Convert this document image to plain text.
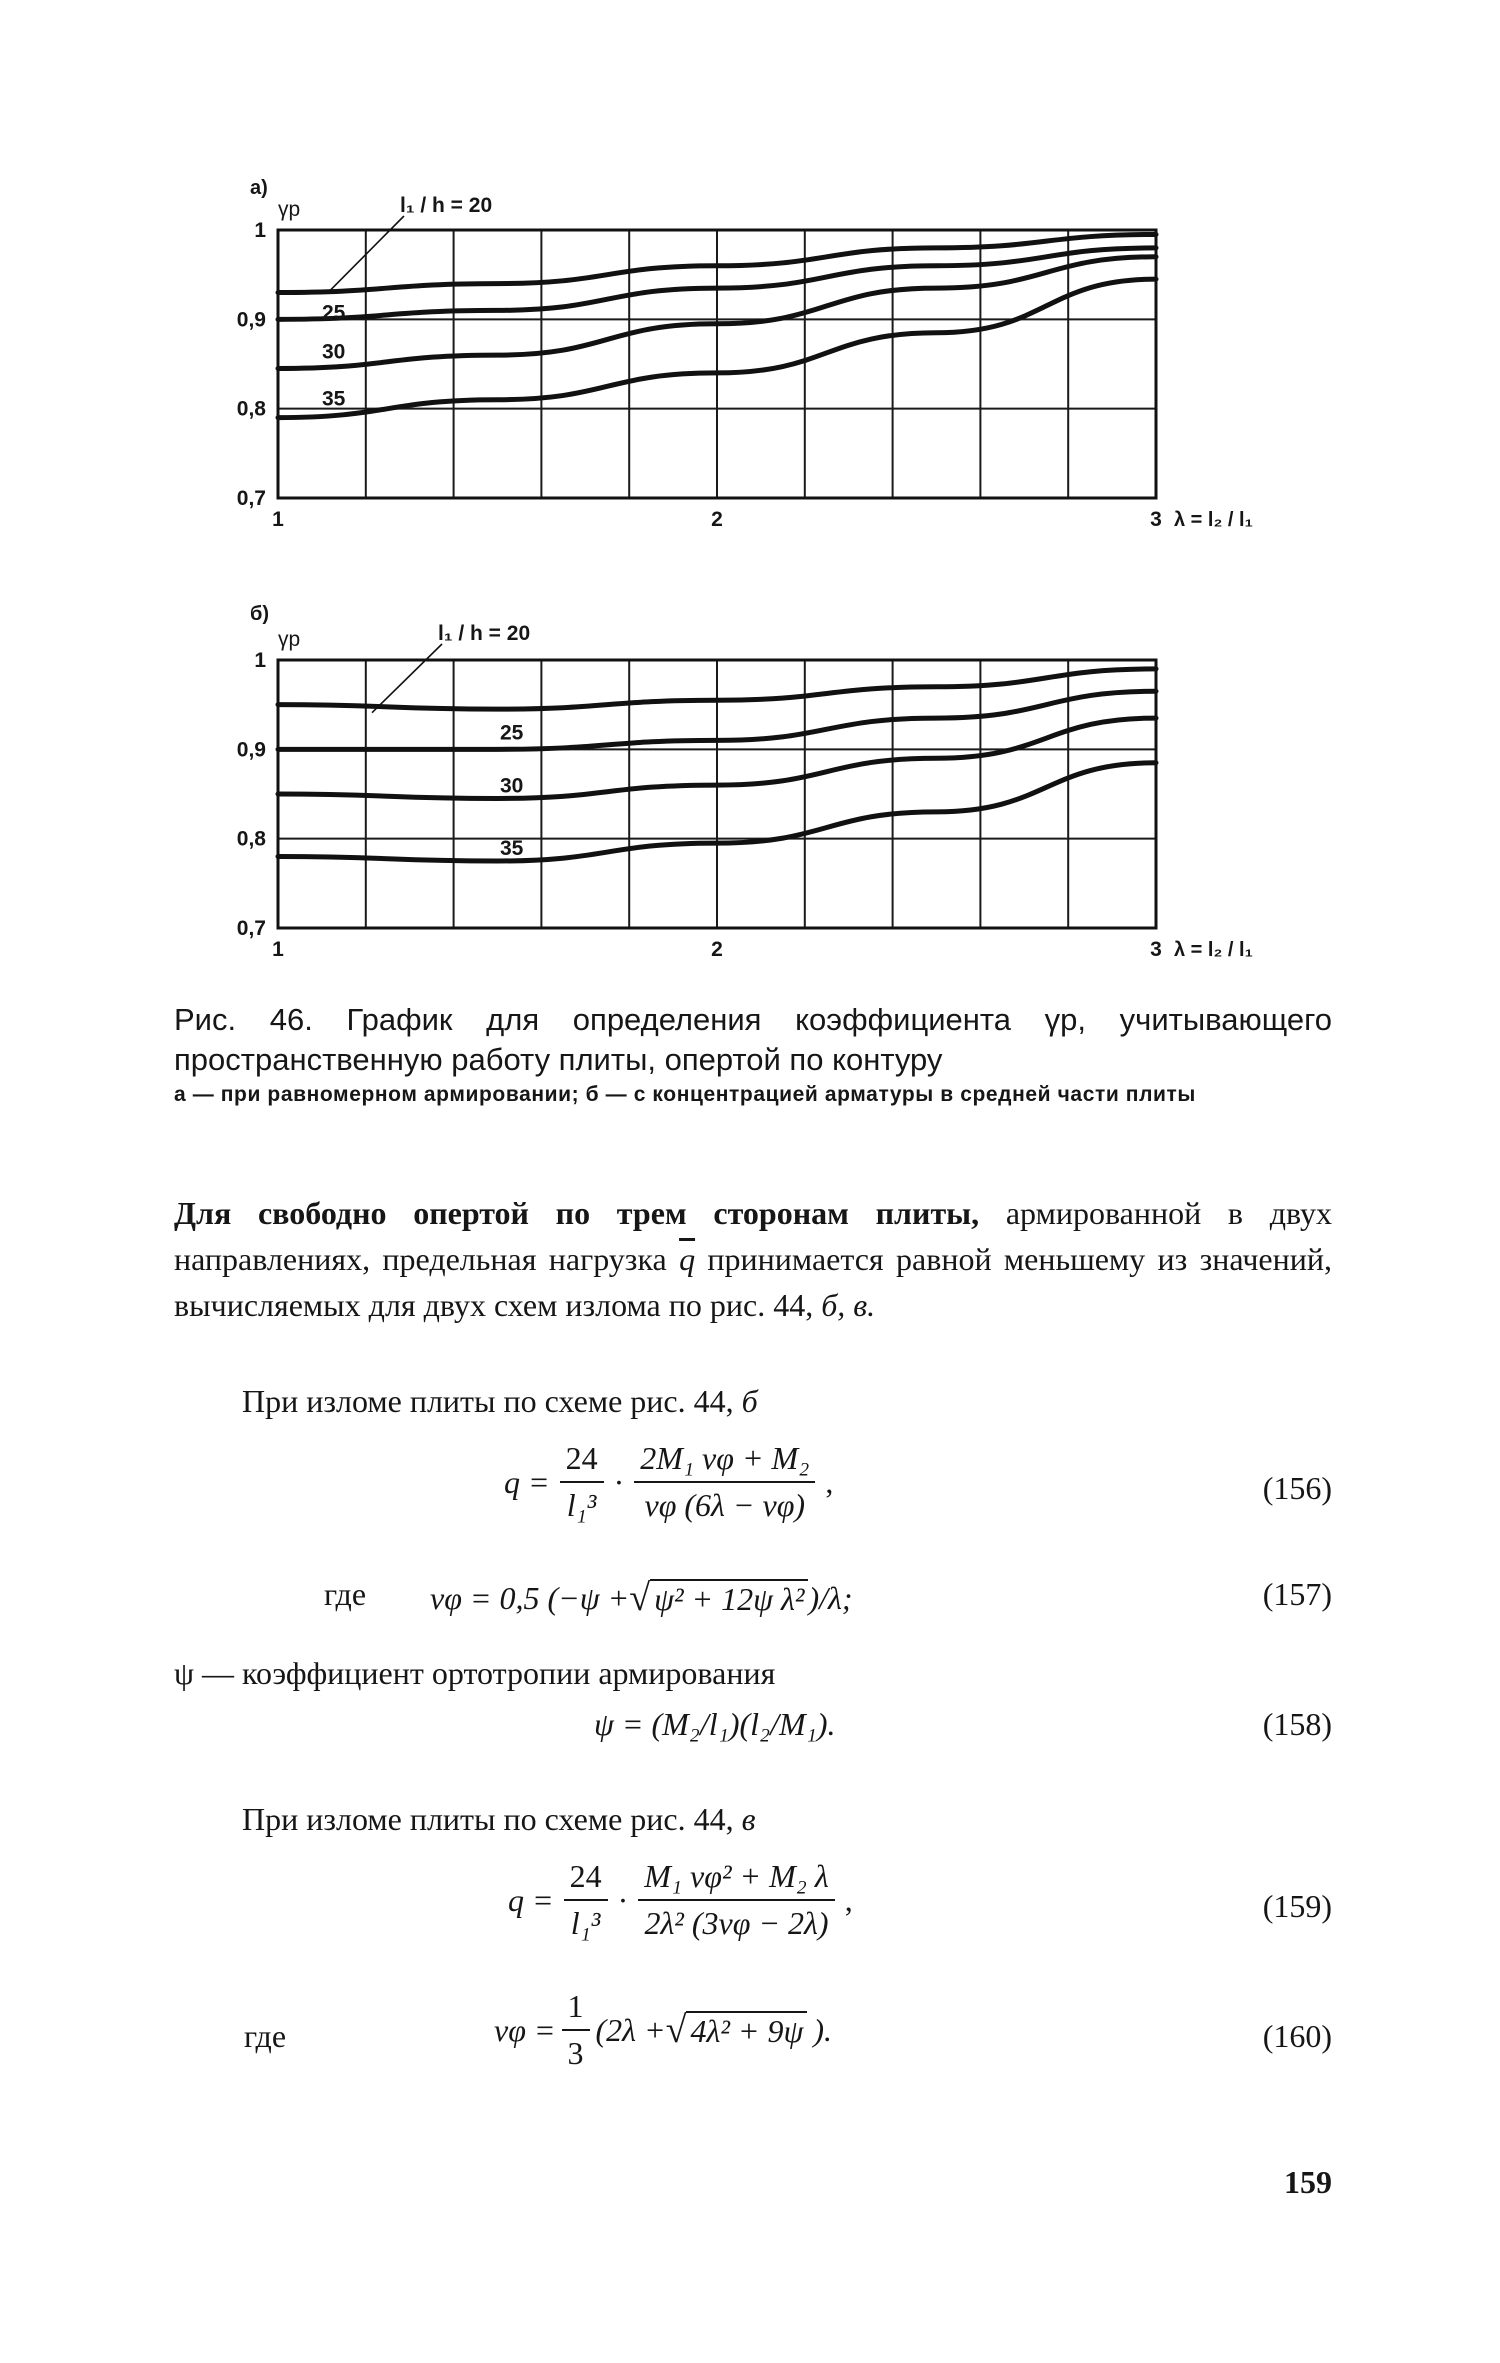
1
0,9
0,8
0,7
1	2	3
а)
γp
λ = l₂ / l₁
l₁ / h = 20
25
30
35
1
0,9
0,8
0,7
1	2	3
б)
γp
λ = l₂ / l₁
l₁ / h = 20
25
30
35

Рис. 46. График для определения коэффициента γp, учитывающего пространственную работу плиты, опертой по контуру

а — при равномерном армировании; б — с концентрацией арматуры в средней части плиты

Для свободно опертой по трем сторонам плиты, армированной в двух направлениях, предельная нагрузка $\overline{q}$ принимается равной меньшему из значений, вычисляемых для двух схем излома по рис. 44, б, в.

При изломе плиты по схеме рис. 44, б

$q = \frac{24}{\text{l₁³}} \cdot \frac{\text{2M₁ νφ + M₂}}{\nu\varphi (6\lambda - \nu\varphi)}$ ,	(156)
где νφ = 0,5 (−ψ + √ ψ² + 12ψ λ² )/λ;	(157)

ψ — коэффициент ортотропии армирования

ψ = (M₂/l₁)(l₂/M₁).	(158)

При изломе плиты по схеме рис. 44, в

$q = \frac{24}{\text{l₁³}} \cdot \frac{\text{M₁ νφ² + M₂ λ}}{\text{2λ² (3νφ − 2λ)}}$ ,	(159)
где	$\nu\varphi = \frac{1}{3} (2\lambda$ + √ 4λ² + 9ψ ).	(160)
159
